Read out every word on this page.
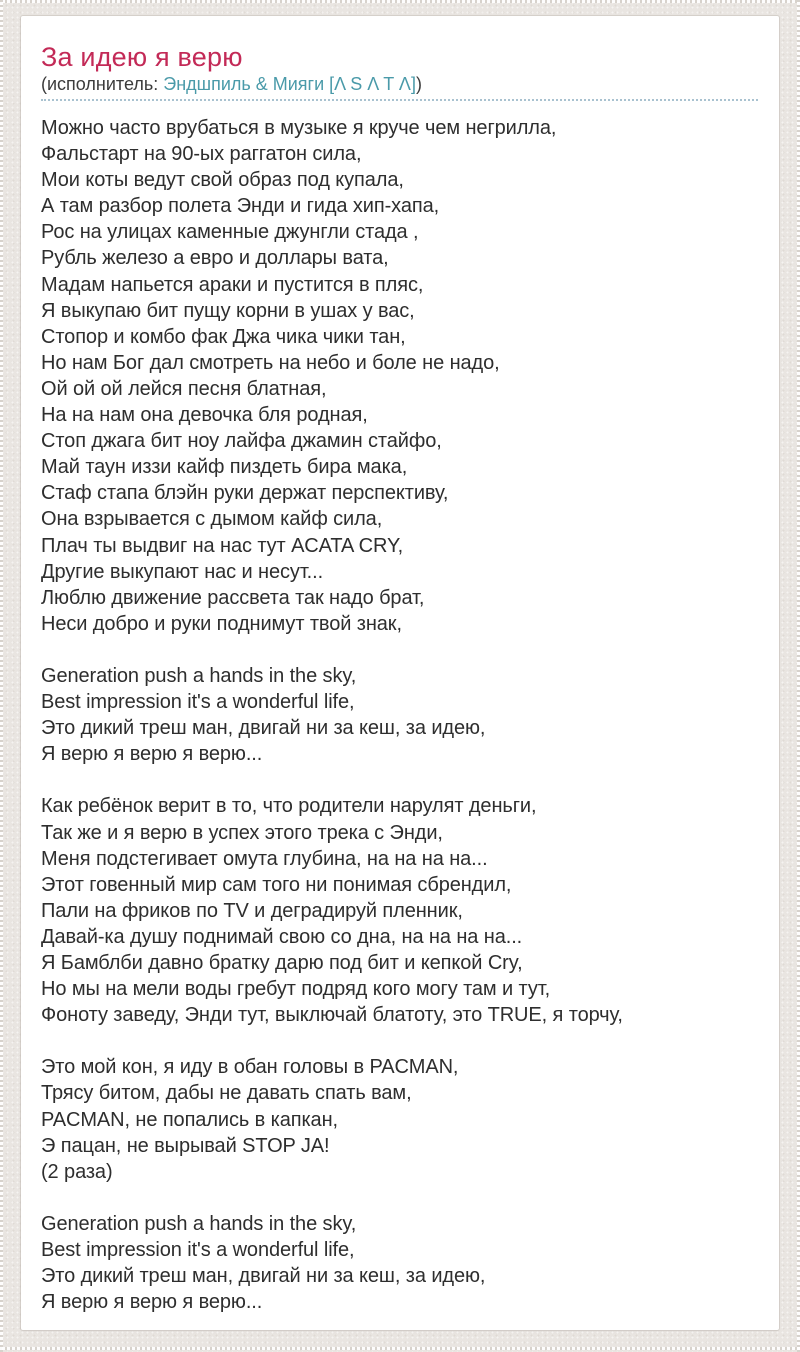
За идею я верю
(исполнитель: Эндшпиль & Мияги [Λ S Λ T Λ])
Можно часто врубаться в музыке я круче чем негрилла,
Фальстарт на 90-ых раггатон сила,
Мои коты ведут свой образ под купала,
А там разбор полета Энди и гида хип-хапа,
Рос на улицах каменные джунгли стада ,
Рубль железо а евро и доллары вата,
Мадам напьется араки и пустится в пляс,
Я выкупаю бит пущу корни в ушах у вас,
Стопор и комбо фак Джа чика чики тан,
Но нам Бог дал смотреть на небо и боле не надо,
Ой ой ой лейся песня блатная,
На на нам она девочка бля родная,
Стоп джага бит ноу лайфа джамин стайфо,
Май таун иззи кайф пиздеть бира мака,
Стаф стапа блэйн руки держат перспективу,
Она взрывается с дымом кайф сила,
Плач ты выдвиг на нас тут ACATA CRY,
Другие выкупают нас и несут...
Люблю движение рассвета так надо брат,
Неси добро и руки поднимут твой знак,
Generation push a hands in the sky,
Best impression it's a wonderful life,
Это дикий треш ман, двигай ни за кеш, за идею,
Я верю я верю я верю...
Как ребёнок верит в то, что родители нарулят деньги,
Так же и я верю в успех этого трека с Энди,
Меня подстегивает омута глубина, на на на на...
Этот говенный мир сам того ни понимая сбрендил,
Пали на фриков по TV и деградируй пленник,
Давай-ка душу поднимай свою со дна, на на на на...
Я Бамблби давно братку дарю под бит и кепкой Cry,
Но мы на мели воды гребут подряд кого могу там и тут,
Фоноту заведу, Энди тут, выключай блатоту, это TRUE, я торчу,
Это мой кон, я иду в обан головы в PACMAN,
Трясу битом, дабы не давать спать вам,
PACMAN, не попались в капкан,
Э пацан, не вырывай STOP JA!
(2 раза)
Generation push a hands in the sky,
Best impression it's a wonderful life,
Это дикий треш ман, двигай ни за кеш, за идею,
Я верю я верю я верю...
